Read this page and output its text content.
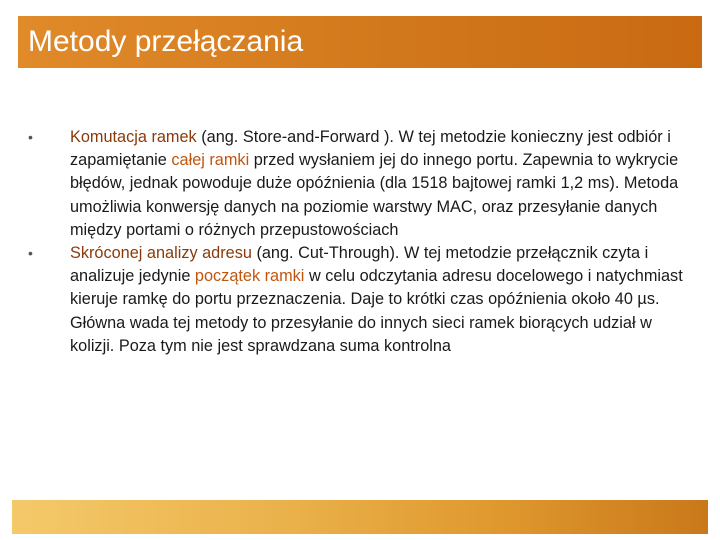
Metody przełączania
• Komutacja ramek (ang. Store-and-Forward ). W tej metodzie konieczny jest odbiór i zapamiętanie całej ramki przed wysłaniem jej do innego portu. Zapewnia to wykrycie błędów, jednak powoduje duże opóźnienia (dla 1518 bajtowej ramki 1,2 ms). Metoda umożliwia konwersję danych na poziomie warstwy MAC, oraz przesyłanie danych między portami o różnych przepustowościach
• Skróconej analizy adresu (ang. Cut-Through). W tej metodzie przełącznik czyta i analizuje jedynie początek ramki w celu odczytania adresu docelowego i natychmiast kieruje ramkę do portu przeznaczenia. Daje to krótki czas opóźnienia około 40 µs. Główna wada tej metody to przesyłanie do innych sieci ramek biorących udział w kolizji. Poza tym nie jest sprawdzana suma kontrolna
